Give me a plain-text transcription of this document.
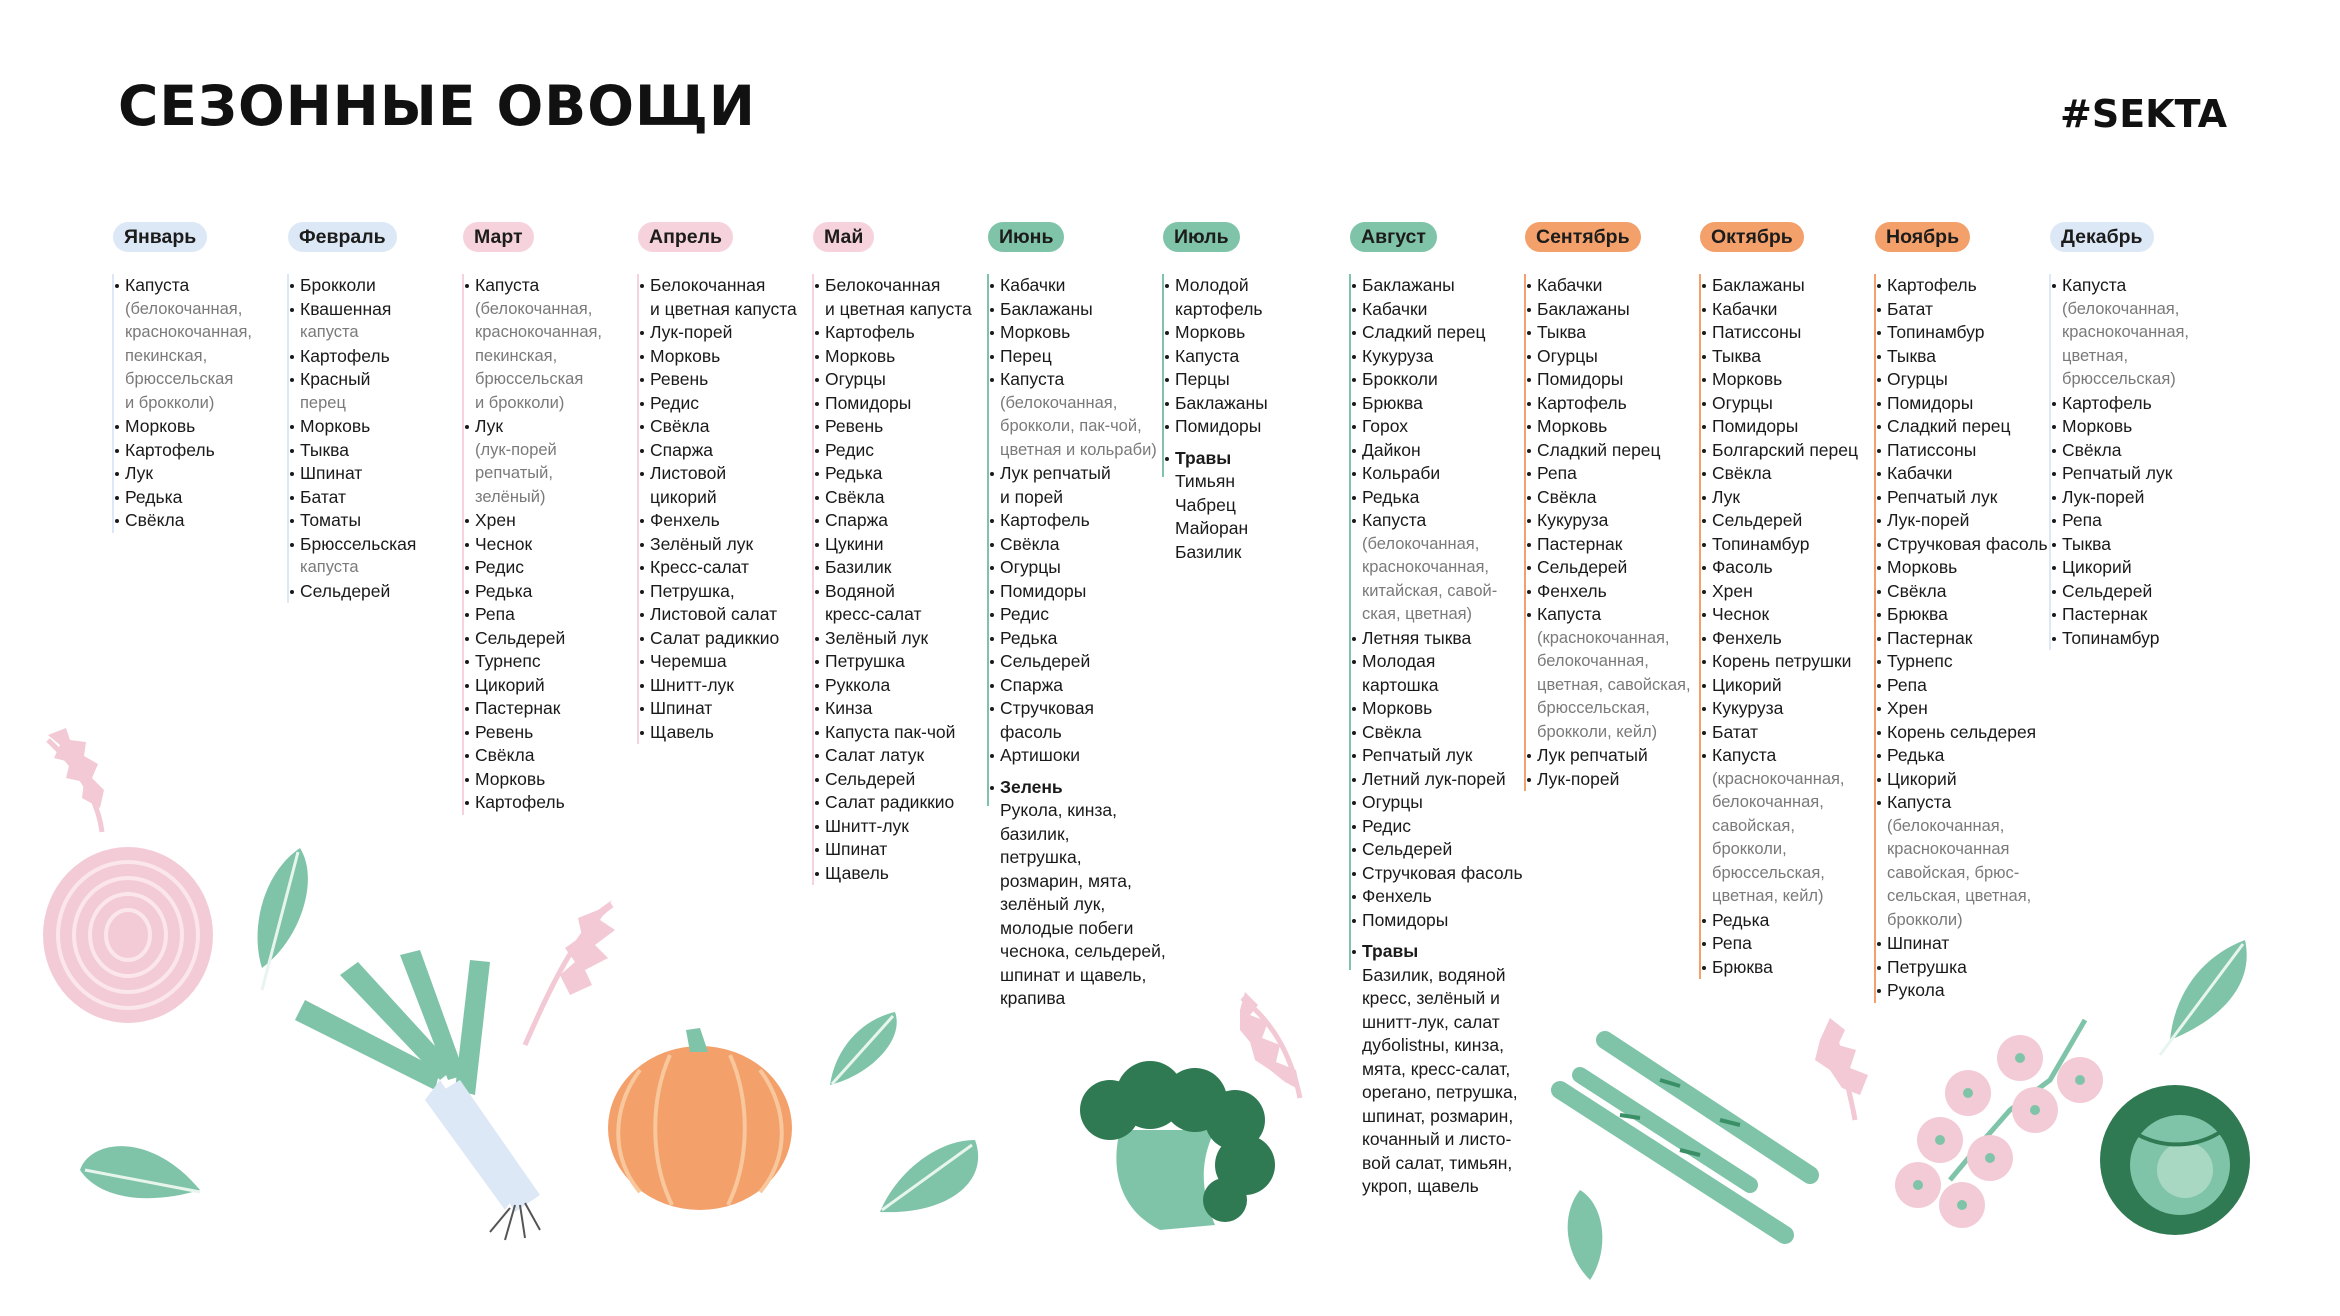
СЕЗОННЫЕ ОВОЩИ	#SEKTA
Январь
Капуста
(белокочанная,
краснокочанная,
пекинская,
брюссельская
и брокколи)
Морковь
Картофель
Лук
Редька
Свёкла
Февраль
Брокколи
Квашенная
капуста
Картофель
Красный
перец
Морковь
Тыква
Шпинат
Батат
Томаты
Брюссельская
капуста
Сельдерей
Март
Капуста
(белокочанная,
краснокочанная,
пекинская,
брюссельская
и брокколи)
Лук
(лук-порей
репчатый,
зелёный)
Хрен
Чеснок
Редис
Редька
Репа
Сельдерей
Турнепс
Цикорий
Пастернак
Ревень
Свёкла
Морковь
Картофель
Апрель
Белокочанная
и цветная капуста
Лук-порей
Морковь
Ревень
Редис
Свёкла
Спаржа
Листовой
цикорий
Фенхель
Зелёный лук
Кресс-салат
Петрушка,
Листовой салат
Салат радиккио
Черемша
Шнитт-лук
Шпинат
Щавель
Май
Белокочанная
и цветная капуста
Картофель
Морковь
Огурцы
Помидоры
Ревень
Редис
Редька
Свёкла
Спаржа
Цукини
Базилик
Водяной
кресс-салат
Зелёный лук
Петрушка
Руккола
Кинза
Капуста пак-чой
Салат латук
Сельдерей
Салат радиккио
Шнитт-лук
Шпинат
Щавель
Июнь
Кабачки
Баклажаны
Морковь
Перец
Капуста
(белокочанная,
брокколи, пак-чой,
цветная и кольраби)
Лук репчатый
и порей
Картофель
Свёкла
Огурцы
Помидоры
Редис
Редька
Сельдерей
Спаржа
Стручковая
фасоль
Артишоки
Зелень
Рукола, кинза,
базилик,
петрушка,
розмарин, мята,
зелёный лук,
молодые побеги
чеснока, сельдерей,
шпинат и щавель,
крапива
Июль
Молодой
картофель
Морковь
Капуста
Перцы
Баклажаны
Помидоры
Травы
Тимьян
Чабрец
Майоран
Базилик
Август
Баклажаны
Кабачки
Сладкий перец
Кукуруза
Брокколи
Брюква
Горох
Дайкон
Кольраби
Редька
Капуста
(белокочанная,
краснокочанная,
китайская, савой-
ская, цветная)
Летняя тыква
Молодая
картошка
Морковь
Свёкла
Репчатый лук
Летний лук-порей
Огурцы
Редис
Сельдерей
Стручковая фасоль
Фенхель
Помидоры
Травы
Базилик, водяной
кресс, зелёный и
шнитт-лук, салат
дубolistны, кинза,
мята, кресс-салат,
орегано, петрушка,
шпинат, розмарин,
кочанный и листо-
вой салат, тимьян,
укроп, щавель
Сентябрь
Кабачки
Баклажаны
Тыква
Огурцы
Помидоры
Картофель
Морковь
Сладкий перец
Репа
Свёкла
Кукуруза
Пастернак
Сельдерей
Фенхель
Капуста
(краснокочанная,
белокочанная,
цветная, савойская,
брюссельская,
брокколи, кейл)
Лук репчатый
Лук-порей
Октябрь
Баклажаны
Кабачки
Патиссоны
Тыква
Морковь
Огурцы
Помидоры
Болгарский перец
Свёкла
Лук
Сельдерей
Топинамбур
Фасоль
Хрен
Чеснок
Фенхель
Корень петрушки
Цикорий
Кукуруза
Батат
Капуста
(краснокочанная,
белокочанная,
савойская,
брокколи,
брюссельская,
цветная, кейл)
Редька
Репа
Брюква
Ноябрь
Картофель
Батат
Топинамбур
Тыква
Огурцы
Помидоры
Сладкий перец
Патиссоны
Кабачки
Репчатый лук
Лук-порей
Стручковая фасоль
Морковь
Свёкла
Брюква
Пастернак
Турнепс
Репа
Хрен
Корень сельдерея
Редька
Цикорий
Капуста
(белокочанная,
краснокочанная
савойская, брюс-
сельская, цветная,
брокколи)
Шпинат
Петрушка
Рукола
Декабрь
Капуста
(белокочанная,
краснокочанная,
цветная,
брюссельская)
Картофель
Морковь
Свёкла
Репчатый лук
Лук-порей
Репа
Тыква
Цикорий
Сельдерей
Пастернак
Топинамбур
